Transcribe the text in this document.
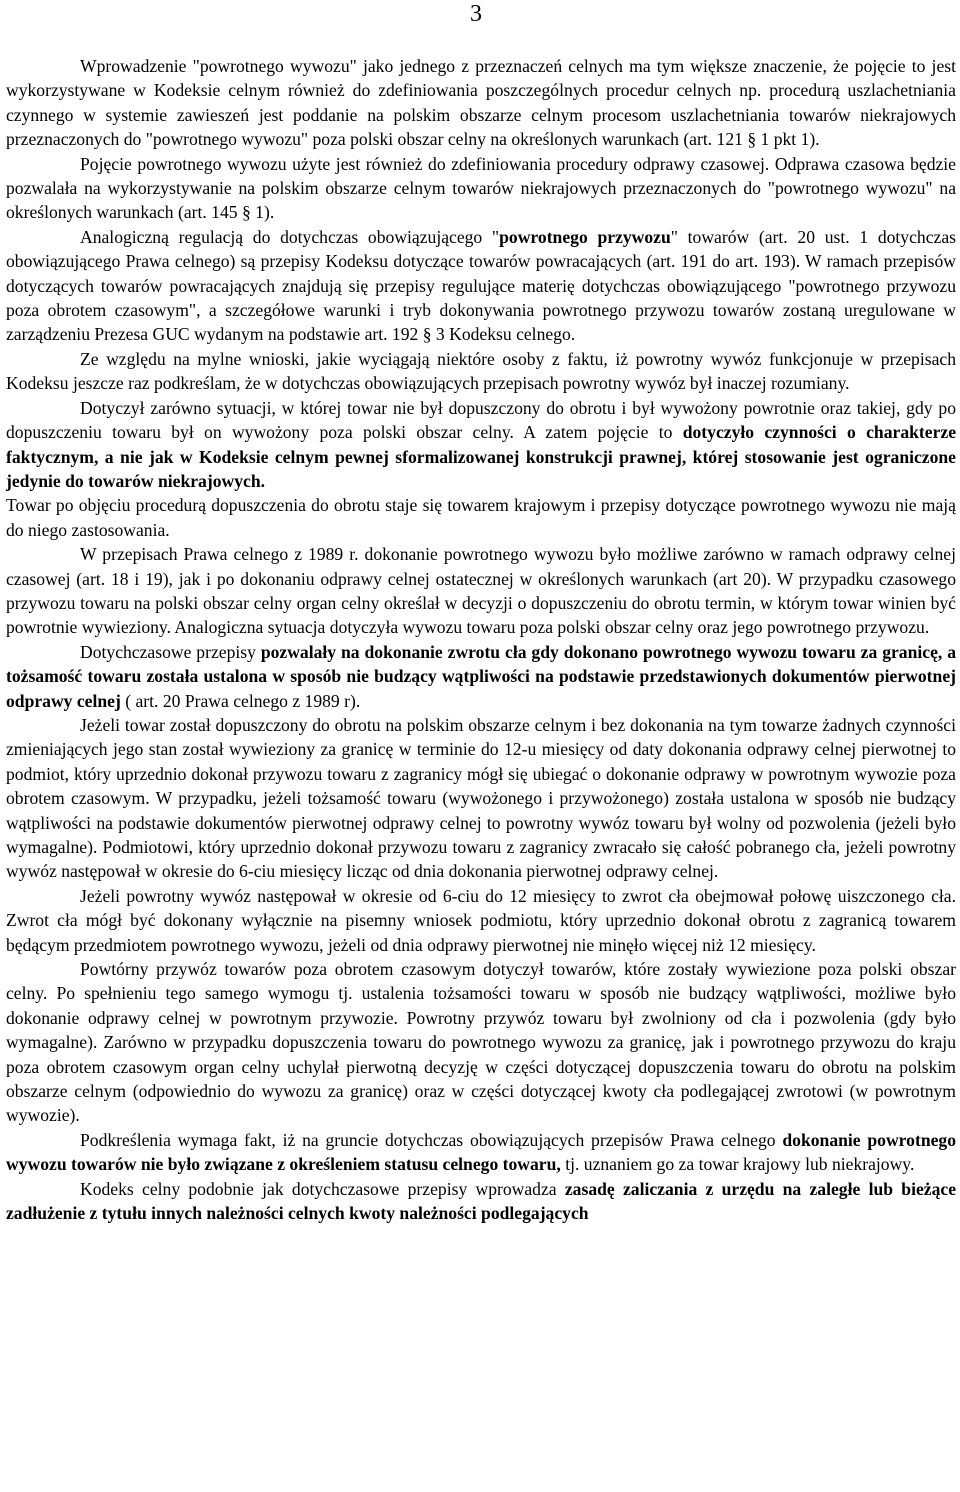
3

Wprowadzenie "powrotnego wywozu" jako jednego z przeznaczeń celnych ma tym większe znaczenie, że pojęcie to jest wykorzystywane w Kodeksie celnym również do zdefiniowania poszczególnych procedur celnych np. procedurą uszlachetniania czynnego w systemie zawieszeń jest poddanie na polskim obszarze celnym procesom uszlachetniania towarów niekrajowych przeznaczonych do "powrotnego wywozu" poza polski obszar celny na określonych warunkach (art. 121 § 1 pkt 1).

Pojęcie powrotnego wywozu użyte jest również do zdefiniowania procedury odprawy czasowej. Odprawa czasowa będzie pozwalała na wykorzystywanie na polskim obszarze celnym towarów niekrajowych przeznaczonych do "powrotnego wywozu" na określonych warunkach (art. 145 § 1).

Analogiczną regulacją do dotychczas obowiązującego "powrotnego przywozu" towarów (art. 20 ust. 1 dotychczas obowiązującego Prawa celnego) są przepisy Kodeksu dotyczące towarów powracających (art. 191 do art. 193). W ramach przepisów dotyczących towarów powracających znajdują się przepisy regulujące materię dotychczas obowiązującego "powrotnego przywozu poza obrotem czasowym", a szczegółowe warunki i tryb dokonywania powrotnego przywozu towarów zostaną uregulowane w zarządzeniu Prezesa GUC wydanym na podstawie art. 192 § 3 Kodeksu celnego.

Ze względu na mylne wnioski, jakie wyciągają niektóre osoby z faktu, iż powrotny wywóz funkcjonuje w przepisach Kodeksu jeszcze raz podkreślam, że w dotychczas obowiązujących przepisach powrotny wywóz był inaczej rozumiany.

Dotyczył zarówno sytuacji, w której towar nie był dopuszczony do obrotu i był wywożony powrotnie oraz takiej, gdy po dopuszczeniu towaru był on wywożony poza polski obszar celny. A zatem pojęcie to dotyczyło czynności o charakterze faktycznym, a nie jak w Kodeksie celnym pewnej sformalizowanej konstrukcji prawnej, której stosowanie jest ograniczone jedynie do towarów niekrajowych.

Towar po objęciu procedurą dopuszczenia do obrotu staje się towarem krajowym i przepisy dotyczące powrotnego wywozu nie mają do niego zastosowania.

W przepisach Prawa celnego z 1989 r. dokonanie powrotnego wywozu było możliwe zarówno w ramach odprawy celnej czasowej (art. 18 i 19), jak i po dokonaniu odprawy celnej ostatecznej w określonych warunkach (art 20). W przypadku czasowego przywozu towaru na polski obszar celny organ celny określał w decyzji o dopuszczeniu do obrotu termin, w którym towar winien być powrotnie wywieziony. Analogiczna sytuacja dotyczyła wywozu towaru poza polski obszar celny oraz jego powrotnego przywozu.

Dotychczasowe przepisy pozwalały na dokonanie zwrotu cła gdy dokonano powrotnego wywozu towaru za granicę, a tożsamość towaru została ustalona w sposób nie budzący wątpliwości na podstawie przedstawionych dokumentów pierwotnej odprawy celnej ( art. 20 Prawa celnego z 1989 r).

Jeżeli towar został dopuszczony do obrotu na polskim obszarze celnym i bez dokonania na tym towarze żadnych czynności zmieniających jego stan został wywieziony za granicę w terminie do 12-u miesięcy od daty dokonania odprawy celnej pierwotnej to podmiot, który uprzednio dokonał przywozu towaru z zagranicy mógł się ubiegać o dokonanie odprawy w powrotnym wywozie poza obrotem czasowym. W przypadku, jeżeli tożsamość towaru (wywożonego i przywożonego) została ustalona w sposób nie budzący wątpliwości na podstawie dokumentów pierwotnej odprawy celnej to powrotny wywóz towaru był wolny od pozwolenia (jeżeli było wymagalne). Podmiotowi, który uprzednio dokonał przywozu towaru z zagranicy zwracało się całość pobranego cła, jeżeli powrotny wywóz następował w okresie do 6-ciu miesięcy licząc od dnia dokonania pierwotnej odprawy celnej.

Jeżeli powrotny wywóz następował w okresie od 6-ciu do 12 miesięcy to zwrot cła obejmował połowę uiszczonego cła. Zwrot cła mógł być dokonany wyłącznie na pisemny wniosek podmiotu, który uprzednio dokonał obrotu z zagranicą towarem będącym przedmiotem powrotnego wywozu, jeżeli od dnia odprawy pierwotnej nie minęło więcej niż 12 miesięcy.

Powtórny przywóz towarów poza obrotem czasowym dotyczył towarów, które zostały wywiezione poza polski obszar celny. Po spełnieniu tego samego wymogu tj. ustalenia tożsamości towaru w sposób nie budzący wątpliwości, możliwe było dokonanie odprawy celnej w powrotnym przywozie. Powrotny przywóz towaru był zwolniony od cła i pozwolenia (gdy było wymagalne). Zarówno w przypadku dopuszczenia towaru do powrotnego wywozu za granicę, jak i powrotnego przywozu do kraju poza obrotem czasowym organ celny uchylał pierwotną decyzję w części dotyczącej dopuszczenia towaru do obrotu na polskim obszarze celnym (odpowiednio do wywozu za granicę) oraz w części dotyczącej kwoty cła podlegającej zwrotowi (w powrotnym wywozie).

Podkreślenia wymaga fakt, iż na gruncie dotychczas obowiązujących przepisów Prawa celnego dokonanie powrotnego wywozu towarów nie było związane z określeniem statusu celnego towaru, tj. uznaniem go za towar krajowy lub niekrajowy.

Kodeks celny podobnie jak dotychczasowe przepisy wprowadza zasadę zaliczania z urzędu na zaległe lub bieżące zadłużenie z tytułu innych należności celnych kwoty należności podlegających
